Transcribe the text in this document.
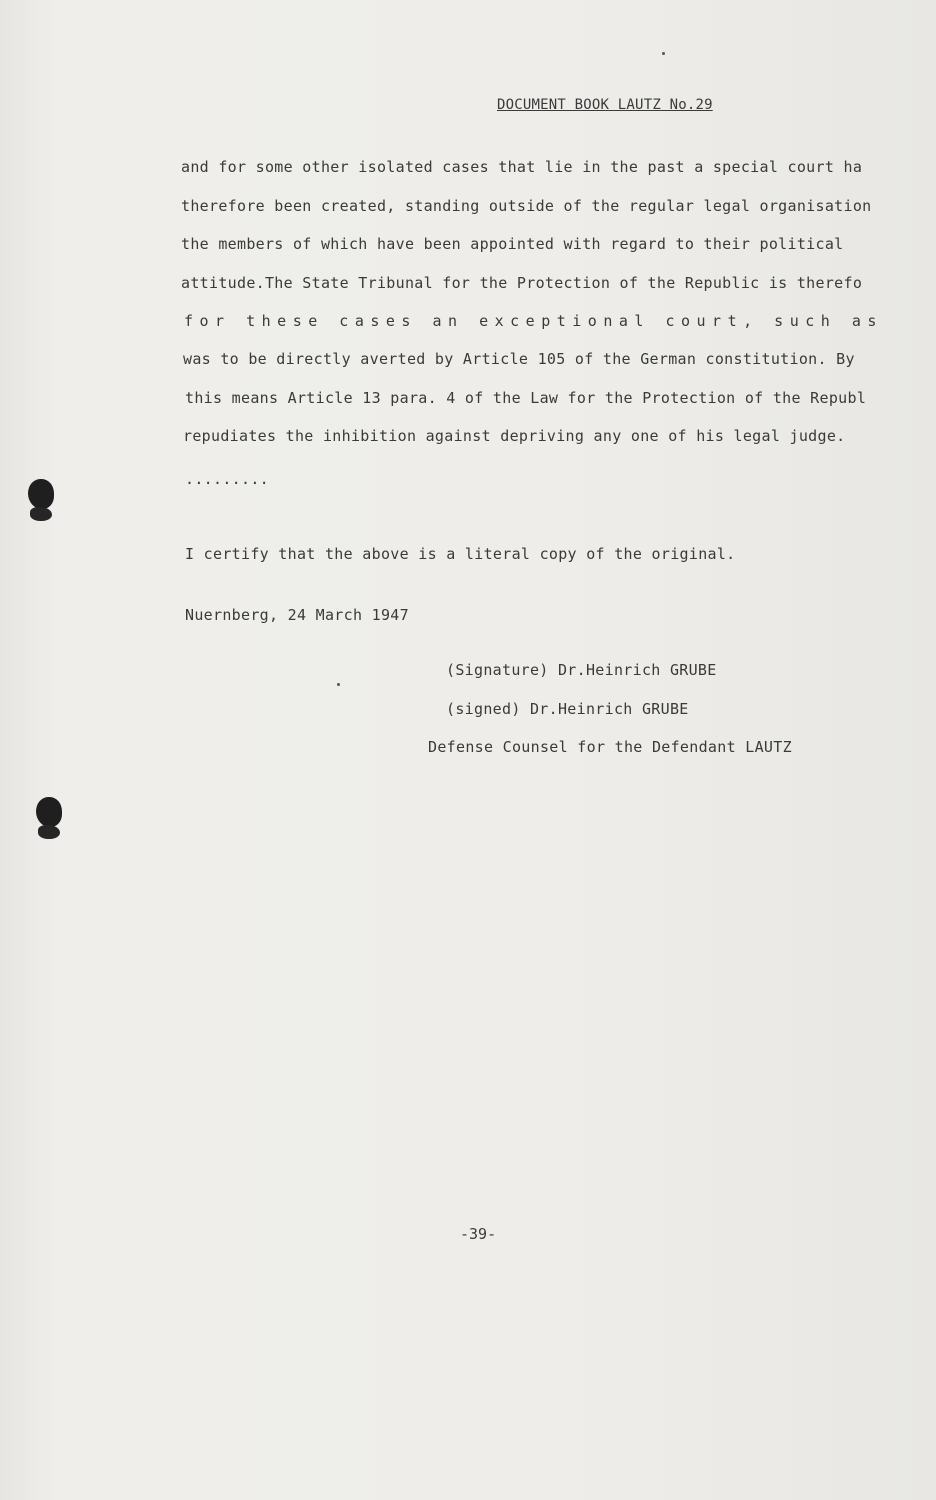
DOCUMENT BOOK LAUTZ No.29
and for some other isolated cases that lie in the past a special court ha
therefore been created, standing outside of the regular legal organisation
the members of which have been appointed with regard to their political
attitude.The State Tribunal for the Protection of the Republic is therefo
for these cases an exceptional court, such as
was to be directly averted by Article 105 of the German constitution. By
this means Article 13 para. 4 of the Law for the Protection of the Republ
repudiates the inhibition against depriving any one of his legal judge.
.........
I certify that the above is a literal copy of the original.
Nuernberg, 24 March 1947
(Signature) Dr.Heinrich GRUBE
(signed) Dr.Heinrich GRUBE
Defense Counsel for the Defendant LAUTZ
-39-
